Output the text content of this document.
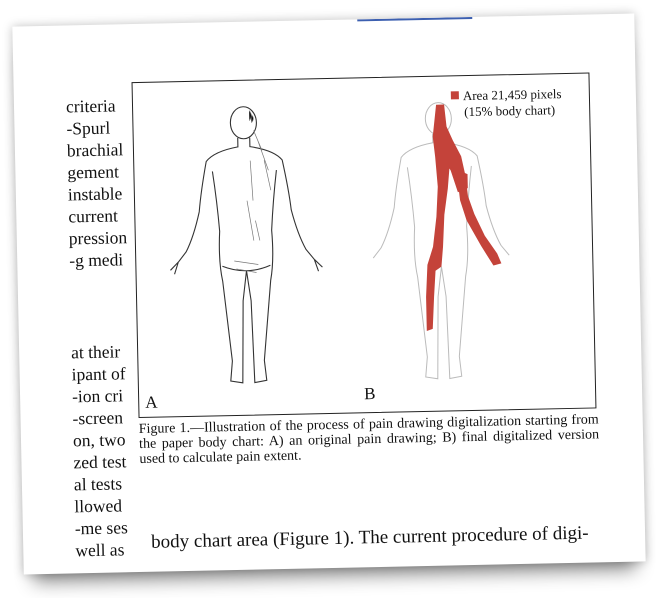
criteria
Spurl-
brachial
gement
instable
current
pression
g medi-
at their
ipant of
ion cri-
screen-
on, two
zed test
al tests
llowed
me ses-
well as
A	B
Area 21,459 pixels
(15% body chart)
Figure 1.—Illustration of the process of pain drawing digitalization starting from the paper body chart: A) an original pain drawing; B) final digitalized version used to calculate pain extent.
body chart area (Figure 1). The current procedure of digi-
